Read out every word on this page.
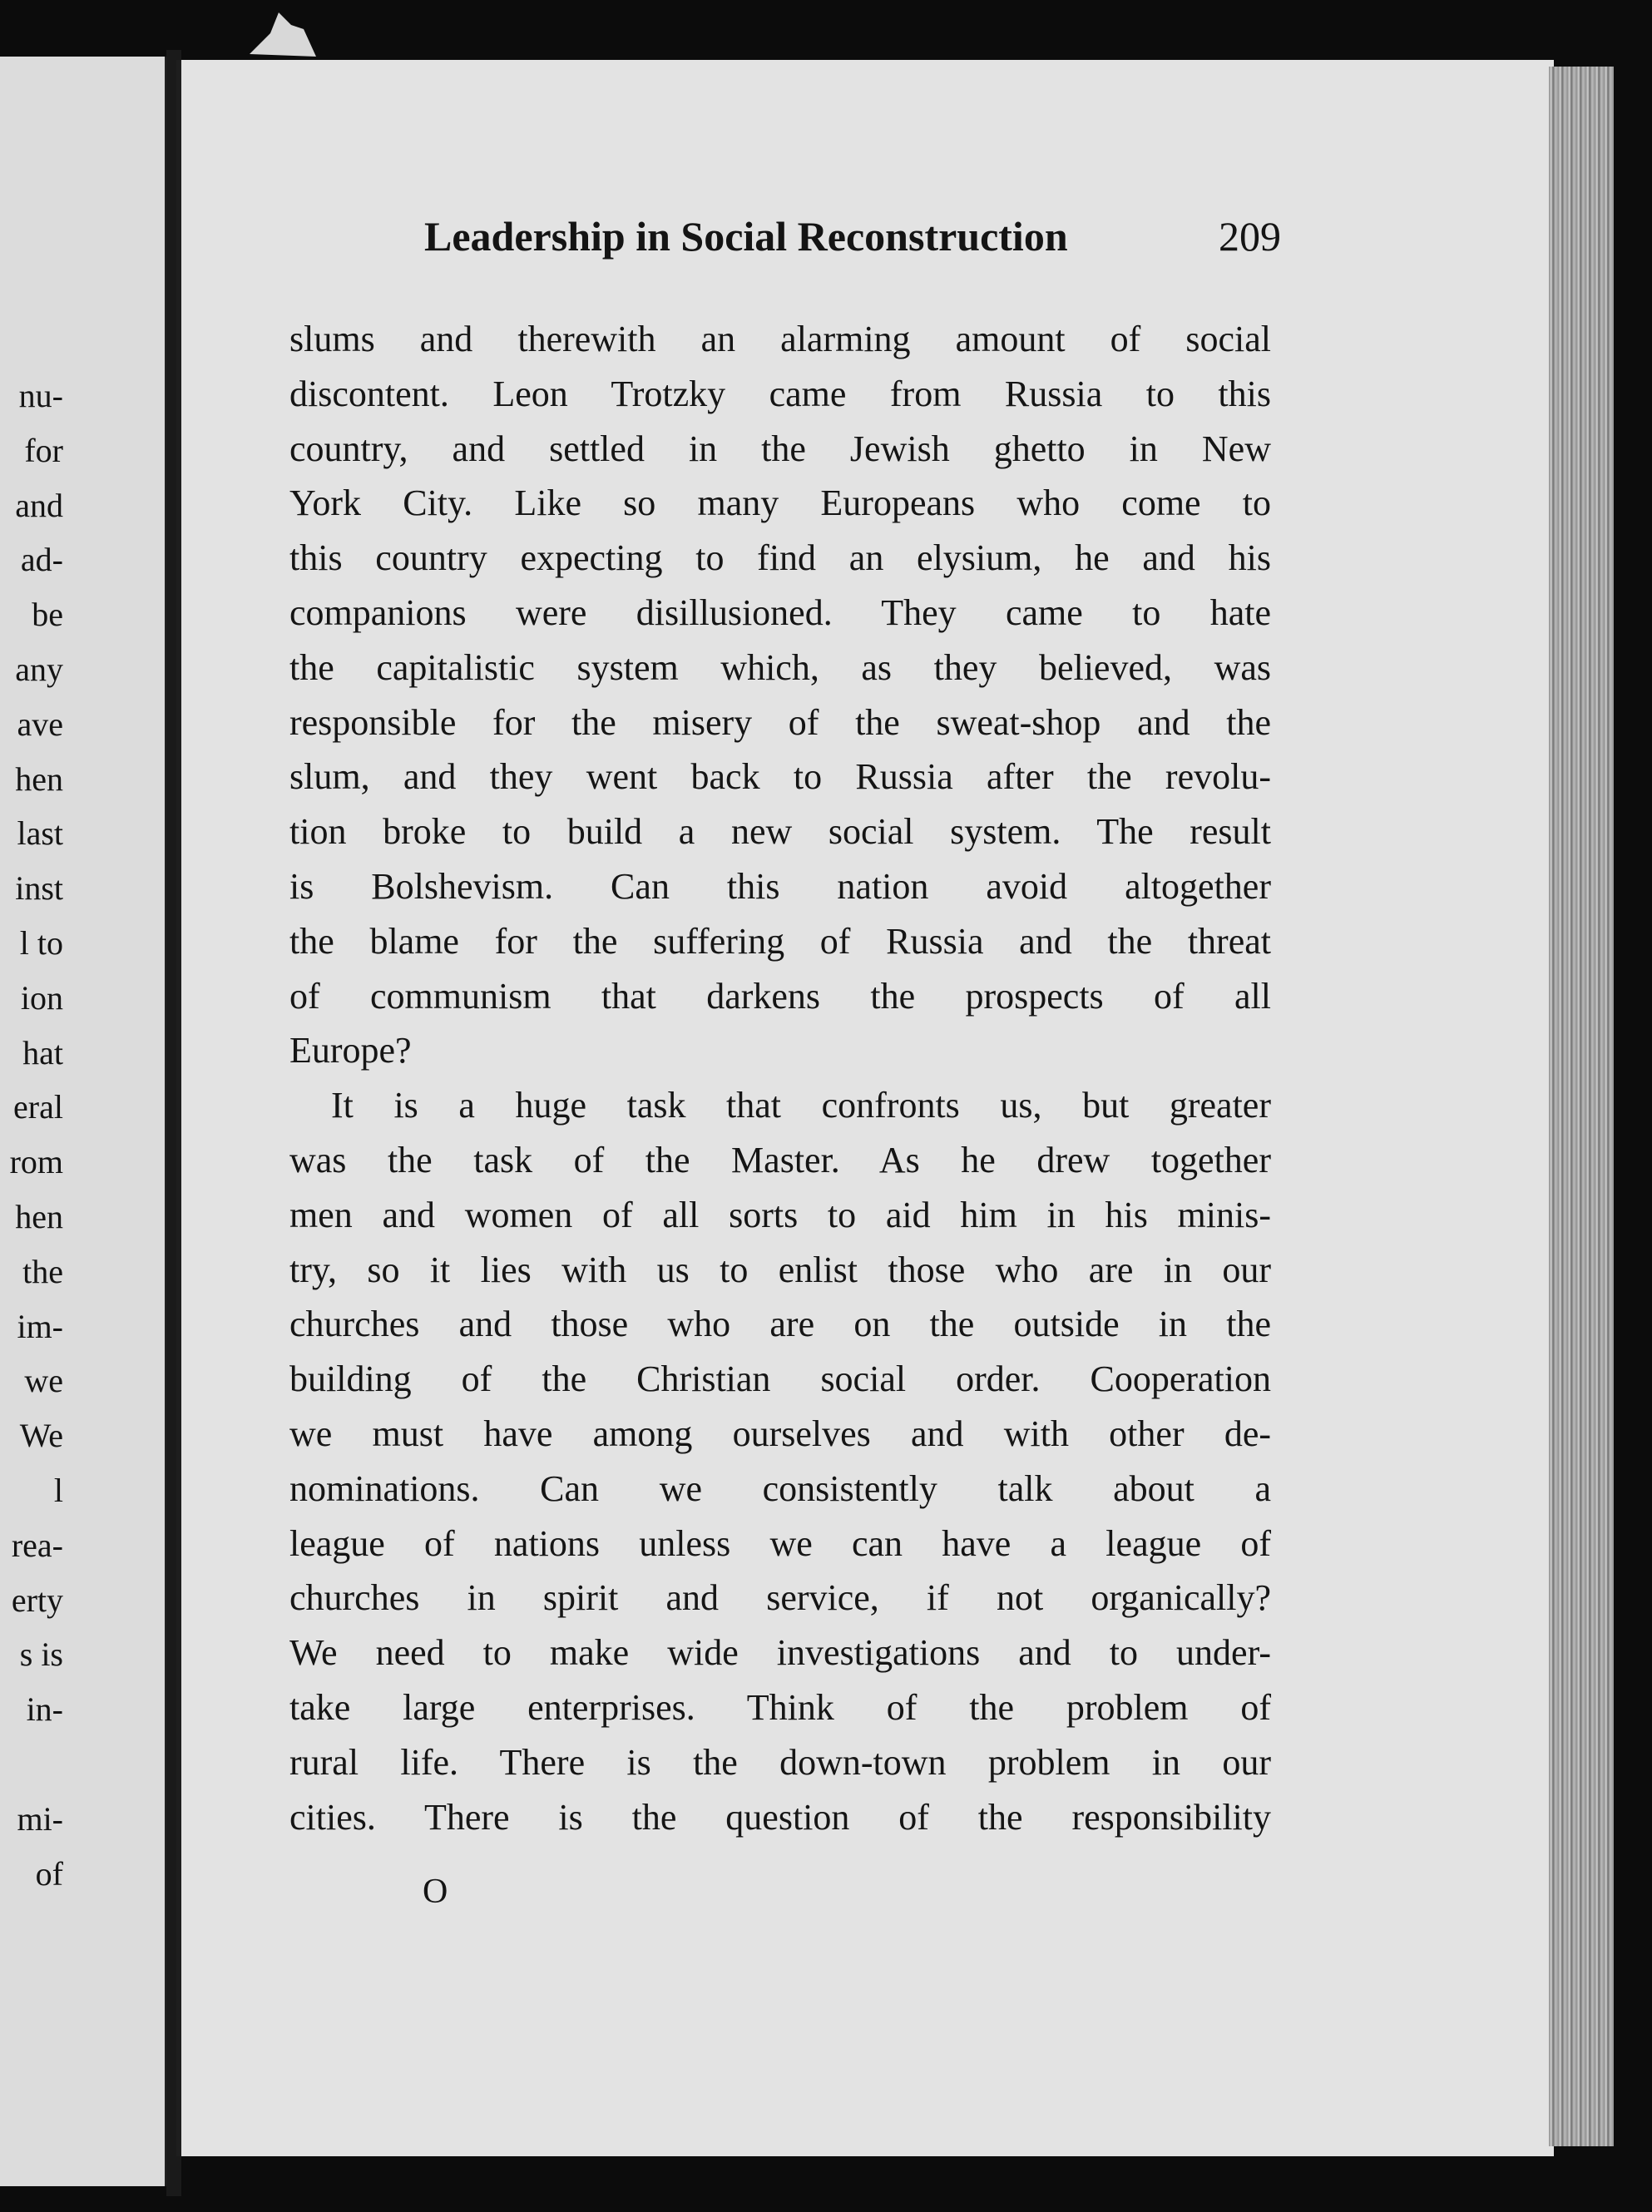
nu-
for
and
ad-
be
any
ave
hen
last
inst
l to
ion
hat
eral
rom
hen
the
im-
we
We
l
rea-
erty
s is
in-
mi-
of
Leadership in Social Reconstruction	209
slums and therewith an alarming amount of social
discontent. Leon Trotzky came from Russia to this
country, and settled in the Jewish ghetto in New
York City. Like so many Europeans who come to
this country expecting to find an elysium, he and his
companions were disillusioned. They came to hate
the capitalistic system which, as they believed, was
responsible for the misery of the sweat-shop and the
slum, and they went back to Russia after the revolu-
tion broke to build a new social system. The result
is Bolshevism. Can this nation avoid altogether
the blame for the suffering of Russia and the threat
of communism that darkens the prospects of all
Europe?
It is a huge task that confronts us, but greater
was the task of the Master. As he drew together
men and women of all sorts to aid him in his minis-
try, so it lies with us to enlist those who are in our
churches and those who are on the outside in the
building of the Christian social order. Cooperation
we must have among ourselves and with other de-
nominations. Can we consistently talk about a
league of nations unless we can have a league of
churches in spirit and service, if not organically?
We need to make wide investigations and to under-
take large enterprises. Think of the problem of
rural life. There is the down-town problem in our
cities. There is the question of the responsibility
O
